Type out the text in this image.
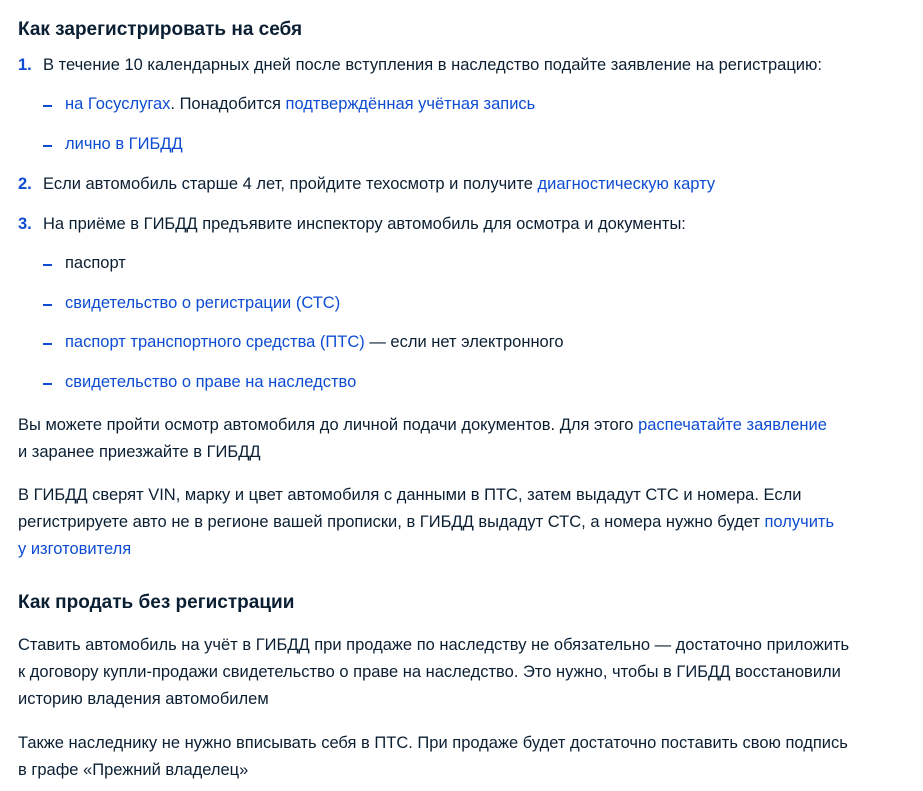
Как зарегистрировать на себя
1. В течение 10 календарных дней после вступления в наследство подайте заявление на регистрацию:
на Госуслугах. Понадобится подтверждённая учётная запись
лично в ГИБДД
2. Если автомобиль старше 4 лет, пройдите техосмотр и получите диагностическую карту
3. На приёме в ГИБДД предъявите инспектору автомобиль для осмотра и документы:
паспорт
свидетельство о регистрации (СТС)
паспорт транспортного средства (ПТС) — если нет электронного
свидетельство о праве на наследство
Вы можете пройти осмотр автомобиля до личной подачи документов. Для этого распечатайте заявление
и заранее приезжайте в ГИБДД
В ГИБДД сверят VIN, марку и цвет автомобиля с данными в ПТС, затем выдадут СТС и номера. Если
регистрируете авто не в регионе вашей прописки, в ГИБДД выдадут СТС, а номера нужно будет получить
у изготовителя
Как продать без регистрации
Ставить автомобиль на учёт в ГИБДД при продаже по наследству не обязательно — достаточно приложить
к договору купли-продажи свидетельство о праве на наследство. Это нужно, чтобы в ГИБДД восстановили
историю владения автомобилем
Также наследнику не нужно вписывать себя в ПТС. При продаже будет достаточно поставить свою подпись
в графе «Прежний владелец»
